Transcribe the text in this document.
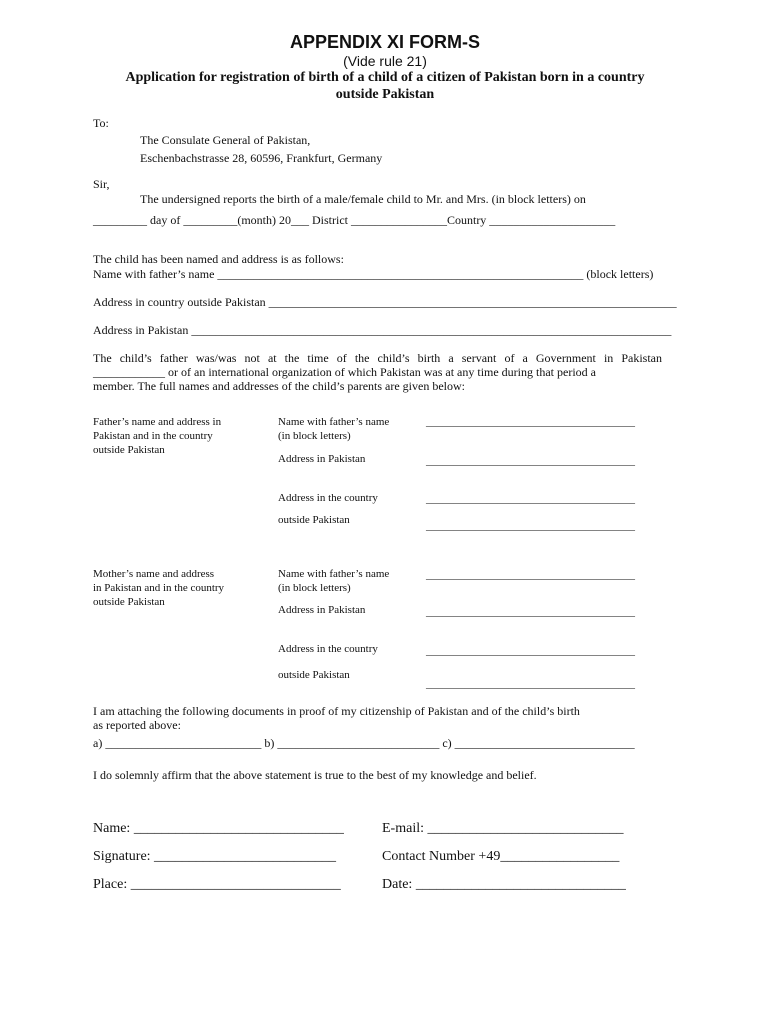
APPENDIX XI FORM-S
(Vide rule 21)
Application for registration of birth of a child of a citizen of Pakistan born in a country
outside Pakistan
To:
The Consulate General of Pakistan,
Eschenbachstrasse 28, 60596, Frankfurt, Germany
Sir,
The undersigned reports the birth of a male/female child to Mr. and Mrs. (in block letters) on
_________ day of _________(month) 20___ District ________________Country _____________________
The child has been named and address is as follows:
Name with father’s name _____________________________________________________________ (block letters)
Address in country outside Pakistan ____________________________________________________________________
Address in Pakistan ________________________________________________________________________________
The child’s father was/was not at the time of the child’s birth a servant of a Government in Pakistan
____________ or of an international organization of which Pakistan was at any time during that period a
member. The full names and addresses of the child’s parents are given below:
Father’s name and address in
Pakistan and in the country
outside Pakistan
Name with father’s name
(in block letters)
______________________________________
Address in Pakistan	______________________________________
Address in the country	______________________________________
outside Pakistan	______________________________________
Mother’s name and address
in Pakistan and in the country
outside Pakistan
Name with father’s name
(in block letters)
______________________________________
Address in Pakistan	______________________________________
Address in the country	______________________________________
outside Pakistan
______________________________________
I am attaching the following documents in proof of my citizenship of Pakistan and of the child’s birth
as reported above:
a) __________________________ b) ___________________________ c) ______________________________
I do solemnly affirm that the above statement is true to the best of my knowledge and belief.
Name: ______________________________	E-mail: ____________________________
Signature: __________________________	Contact Number +49_________________
Place: ______________________________	Date: ______________________________
